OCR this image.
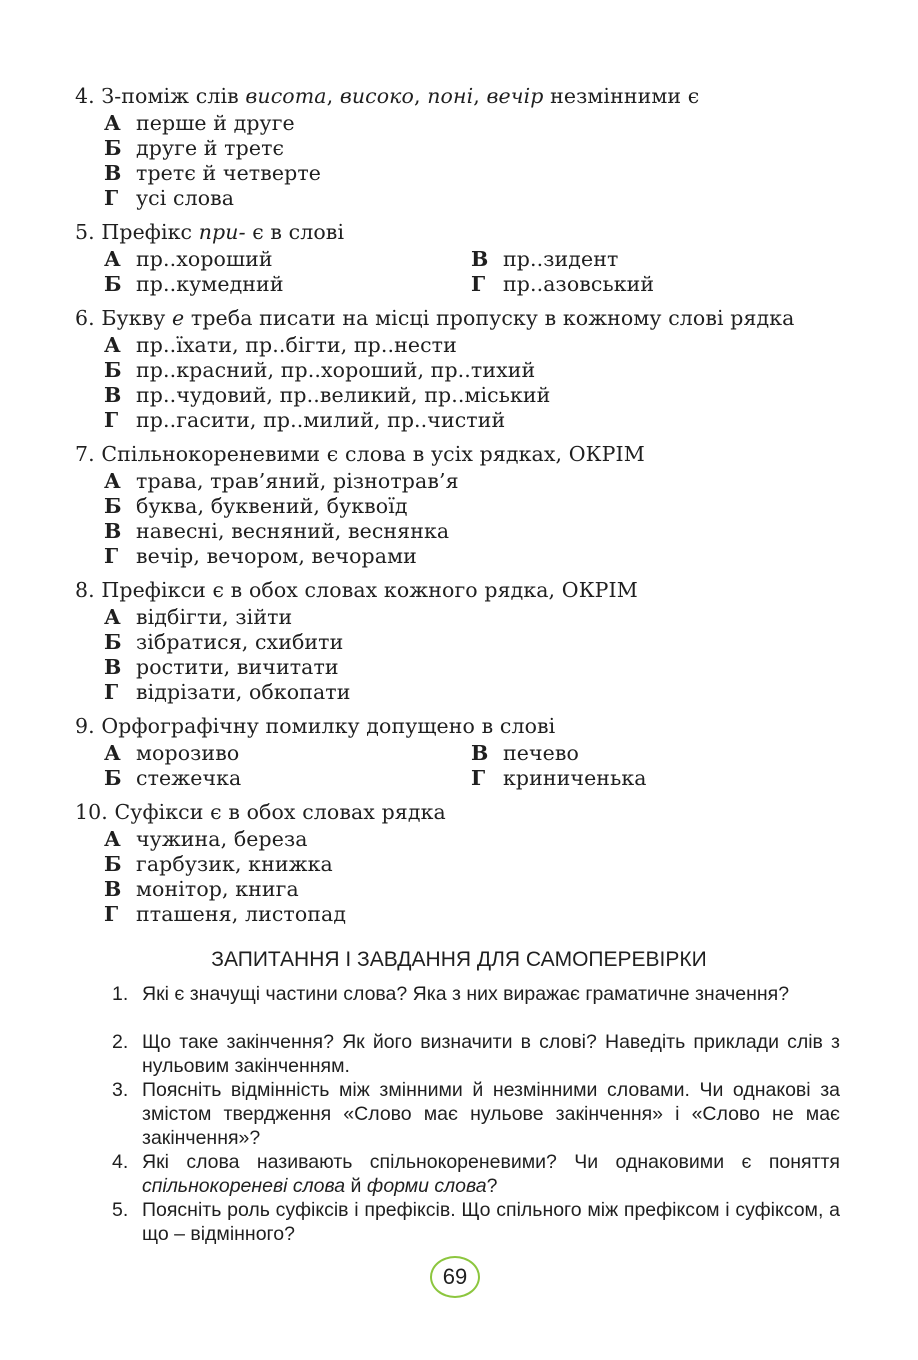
4. З-поміж слів висота, високо, поні, вечір незмінними є
А перше й друге
Б друге й третє
В третє й четверте
Г усі слова
5. Префікс при- є в слові
А пр..хороший
Б пр..кумедний
В пр..зидент
Г пр..азовський
6. Букву е треба писати на місці пропуску в кожному слові рядка
А пр..їхати, пр..бігти, пр..нести
Б пр..красний, пр..хороший, пр..тихий
В пр..чудовий, пр..великий, пр..міський
Г пр..гасити, пр..милий, пр..чистий
7. Спільнокореневими є слова в усіх рядках, ОКРІМ
А трава, трав’яний, різнотрав’я
Б буква, буквений, буквоїд
В навесні, весняний, веснянка
Г вечір, вечором, вечорами
8. Префікси є в обох словах кожного рядка, ОКРІМ
А відбігти, зійти
Б зібратися, схибити
В ростити, вичитати
Г відрізати, обкопати
9. Орфографічну помилку допущено в слові
А морозиво
Б стежечка
В печево
Г криниченька
10. Суфікси є в обох словах рядка
А чужина, береза
Б гарбузик, книжка
В монітор, книга
Г пташеня, листопад
ЗАПИТАННЯ І ЗАВДАННЯ ДЛЯ САМОПЕРЕВІРКИ
1. Які є значущі частини слова? Яка з них виражає граматичне значення?
2. Що таке закінчення? Як його визначити в слові? Наведіть приклади слів з нульовим закінченням.
3. Поясніть відмінність між змінними й незмінними словами. Чи однакові за змістом твердження «Слово має нульове закінчення» і «Слово не має закінчення»?
4. Які слова називають спільнокореневими? Чи однаковими є поняття спільнокореневі слова й форми слова?
5. Поясніть роль суфіксів і префіксів. Що спільного між префіксом і суфіксом, а що – відмінного?
69
